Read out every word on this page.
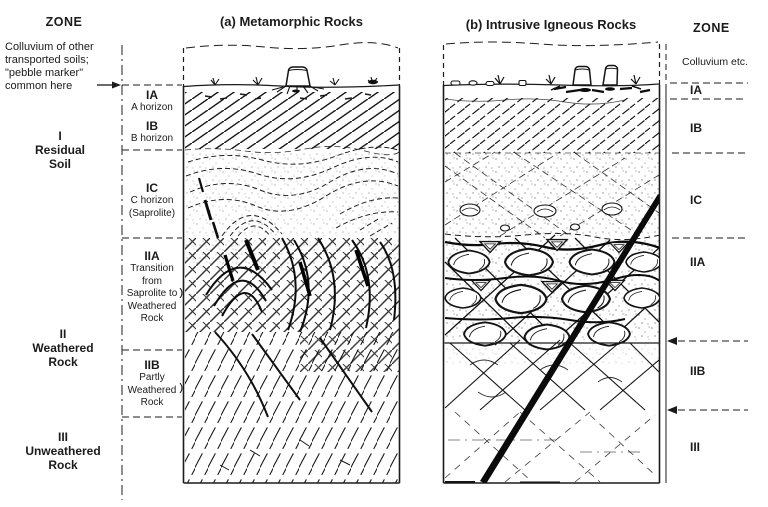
ZONE
Colluvium of other
transported soils;
"pebble marker"
common here
I
Residual
Soil
II
Weathered
Rock
III
Unweathered
Rock
IA
A horizon
IB
B horizon
IC
C horizon
(Saprolite)
IIA
Transition
from
Saprolite to
Weathered
Rock
IIB
Partly
Weathered
Rock
(a) Metamorphic Rocks	(b) Intrusive Igneous Rocks	ZONE
Colluvium etc.
IA
IB
IC
IIA
IIB
III
